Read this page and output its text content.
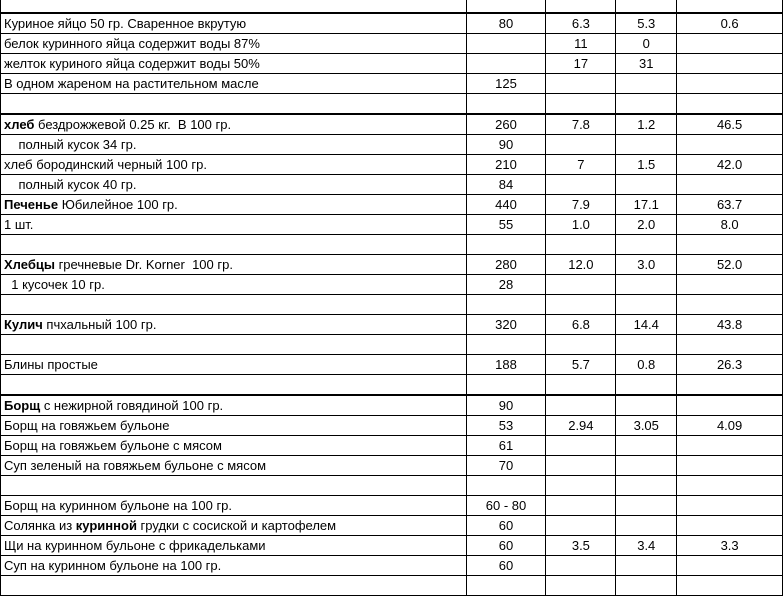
Куриное яйцо 50 гр. Сваренное вкрутую	80	6.3	5.3	0.6
белок куринного яйца содержит воды 87%		11	0	
желток куриного яйца содержит воды 50%		17	31	
В одном жареном на растительном масле	125			

хлеб бездрожжевой 0.25 кг.  В 100 гр.	260	7.8	1.2	46.5
полный кусок 34 гр.	90			
хлеб бородинский черный 100 гр.	210	7	1.5	42.0
полный кусок 40 гр.	84			
Печенье Юбилейное 100 гр.	440	7.9	17.1	63.7
1 шт.	55	1.0	2.0	8.0

Хлебцы гречневые Dr. Korner  100 гр.	280	12.0	3.0	52.0
1 кусочек 10 гр.	28			

Кулич пчхальный 100 гр.	320	6.8	14.4	43.8

Блины простые	188	5.7	0.8	26.3

Борщ с нежирной говядиной 100 гр.	90			
Борщ на говяжьем бульоне	53	2.94	3.05	4.09
Борщ на говяжьем бульоне с мясом	61			
Суп зеленый на говяжьем бульоне с мясом	70			

Борщ на куринном бульоне на 100 гр.	60 - 80			
Солянка из куринной грудки с сосиской и картофелем	60			
Щи на куринном бульоне с фрикадельками	60	3.5	3.4	3.3
Суп на куринном бульоне на 100 гр.	60			
